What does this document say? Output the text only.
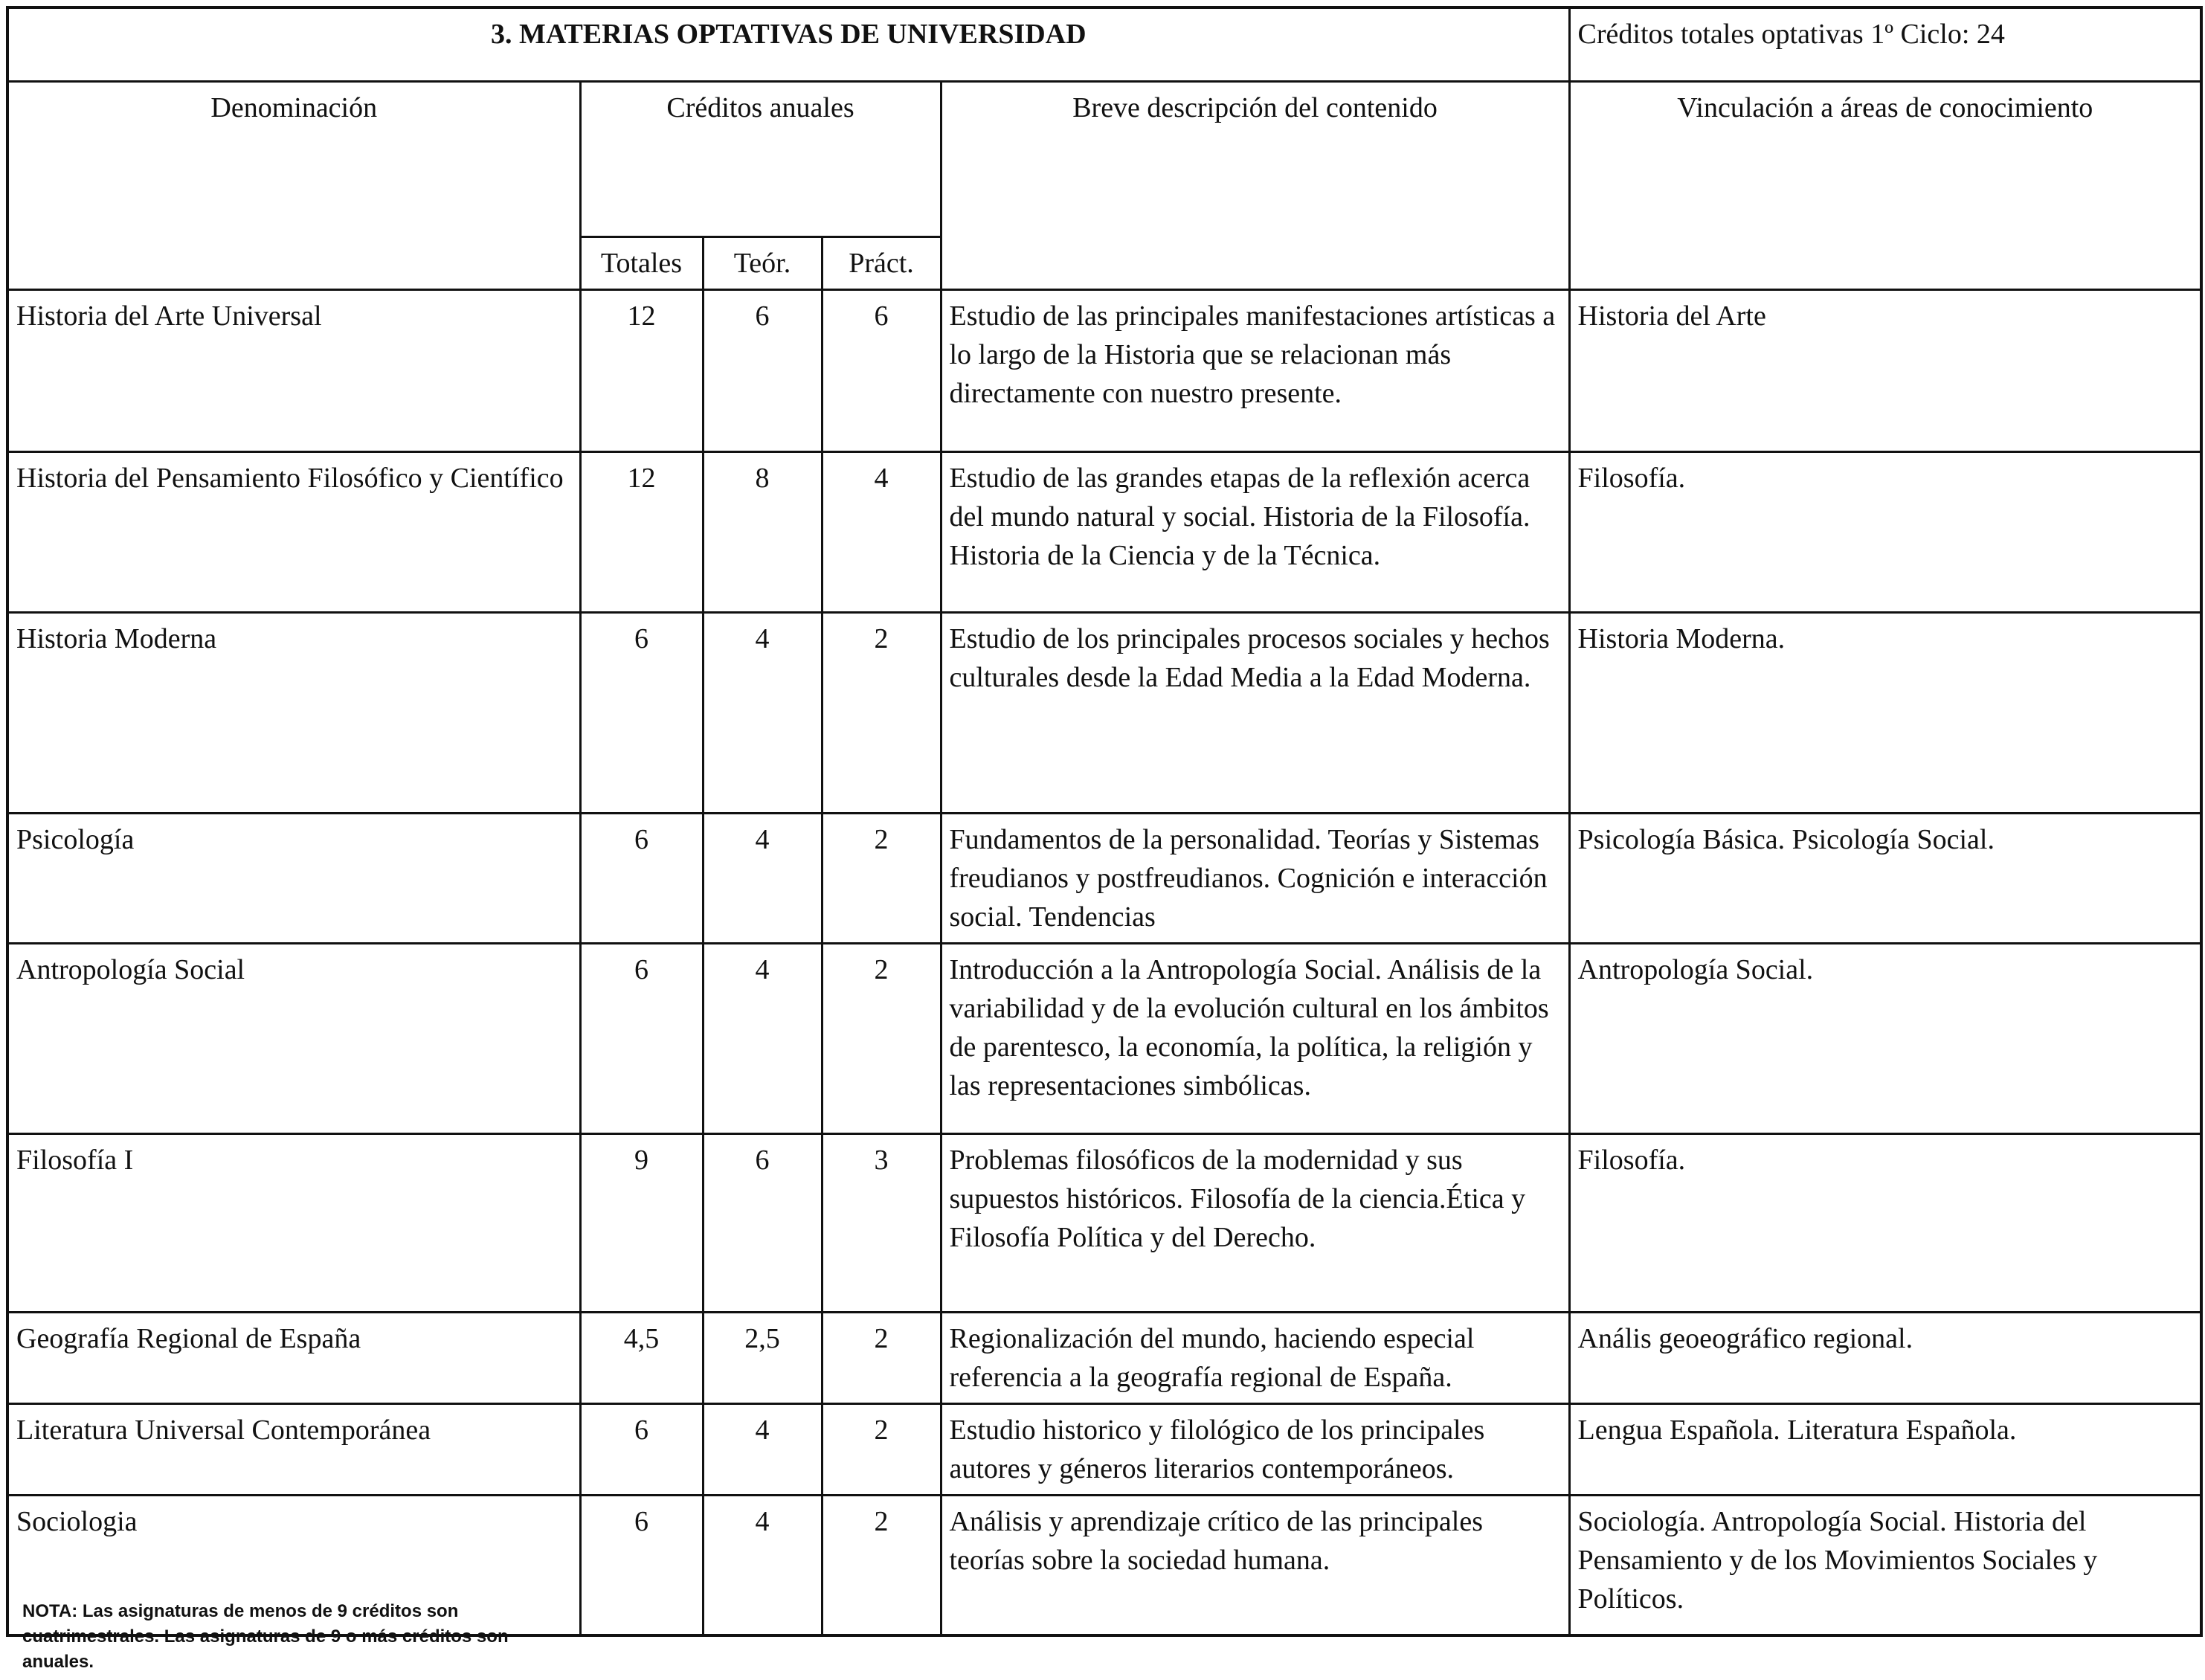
3. MATERIAS OPTATIVAS DE UNIVERSIDAD					Créditos totales optativas 1º Ciclo: 24
Denominación	Créditos anuales			Breve descripción del contenido	Vinculación a áreas de conocimiento
	Totales	Teór.	Práct.		
Historia del Arte Universal	12	6	6	Estudio de las principales manifestaciones artísticas a lo largo de la Historia que se relacionan más directamente con nuestro presente.	Historia del Arte
Historia del Pensamiento Filosófico y Científico	12	8	4	Estudio de las grandes etapas de la reflexión acerca del mundo natural y social. Historia de la Filosofía. Historia de la Ciencia y de la Técnica.	Filosofía.
Historia Moderna	6	4	2	Estudio de los principales procesos sociales y hechos culturales desde la Edad Media a la Edad Moderna.	Historia Moderna.
Psicología	6	4	2	Fundamentos de la personalidad. Teorías y Sistemas freudianos y postfreudianos. Cognición e interacción social. Tendencias	Psicología Básica. Psicología Social.
Antropología Social	6	4	2	Introducción a la Antropología Social. Análisis de la variabilidad y de la evolución cultural en los ámbitos de parentesco, la economía, la política, la religión y las representaciones simbólicas.	Antropología Social.
Filosofía I	9	6	3	Problemas filosóficos de la modernidad y sus supuestos históricos. Filosofía de la ciencia.Ética y Filosofía Política y del Derecho.	Filosofía.
Geografía Regional de España	4,5	2,5	2	Regionalización del mundo, haciendo especial referencia a la geografía regional de España.	Anális geoeográfico regional.
Literatura Universal Contemporánea	6	4	2	Estudio historico y filológico de los principales autores y géneros literarios contemporáneos.	Lengua Española. Literatura Española.
Sociologia	6	4	2	Análisis y aprendizaje crítico de las principales teorías sobre la sociedad humana.	Sociología. Antropología Social. Historia del Pensamiento y de los Movimientos Sociales y Políticos.
NOTA: Las asignaturas de menos de 9 créditos son cuatrimestrales. Las asignaturas de 9 o más créditos son anuales.
